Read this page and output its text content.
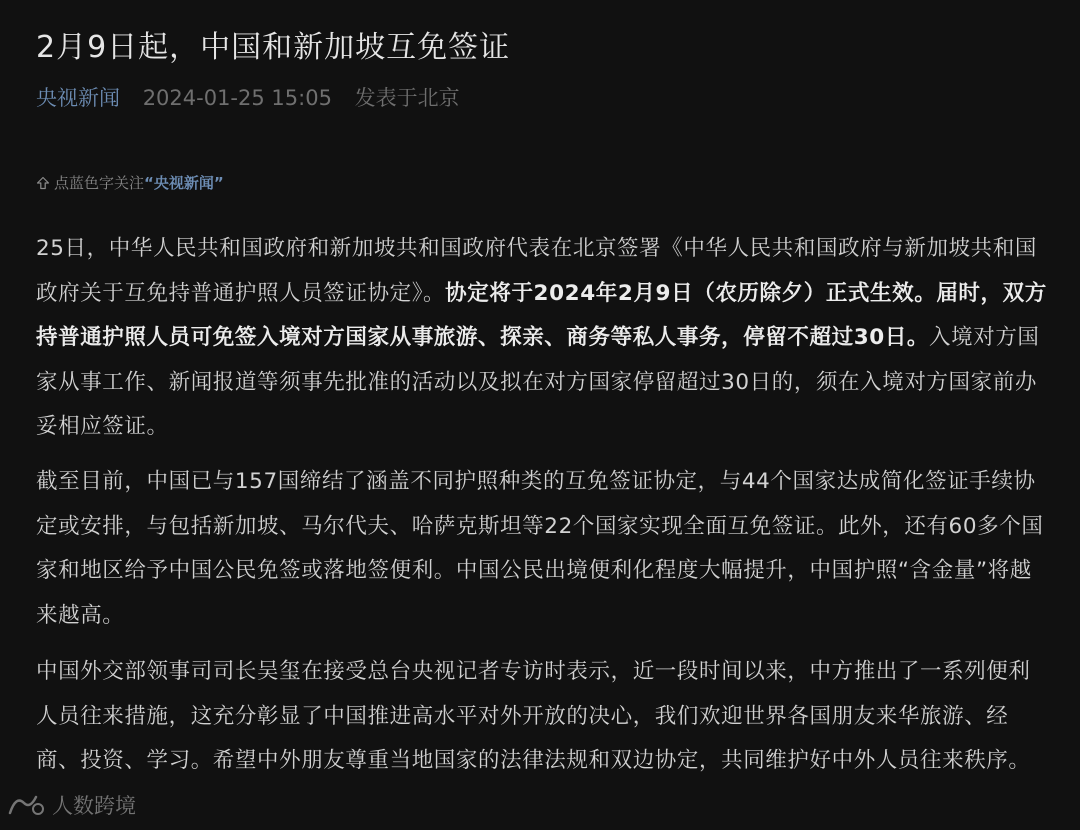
2月9日起，中国和新加坡互免签证
央视新闻 2024-01-25 15:05 发表于北京
点蓝色字关注 “央视新闻”

25日，中华人民共和国政府和新加坡共和国政府代表在北京签署《中华人民共和国政府与新加坡共和国政府关于互免持普通护照人员签证协定》。协定将于2024年2月9日（农历除夕）正式生效。届时，双方持普通护照人员可免签入境对方国家从事旅游、探亲、商务等私人事务，停留不超过30日。入境对方国家从事工作、新闻报道等须事先批准的活动以及拟在对方国家停留超过30日的，须在入境对方国家前办妥相应签证。

截至目前，中国已与157国缔结了涵盖不同护照种类的互免签证协定，与44个国家达成简化签证手续协定或安排，与包括新加坡、马尔代夫、哈萨克斯坦等22个国家实现全面互免签证。此外，还有60多个国家和地区给予中国公民免签或落地签便利。中国公民出境便利化程度大幅提升，中国护照“含金量”将越来越高。

中国外交部领事司司长吴玺在接受总台央视记者专访时表示，近一段时间以来，中方推出了一系列便利人员往来措施，这充分彰显了中国推进高水平对外开放的决心，我们欢迎世界各国朋友来华旅游、经商、投资、学习。希望中外朋友尊重当地国家的法律法规和双边协定，共同维护好中外人员往来秩序。

人数跨境
